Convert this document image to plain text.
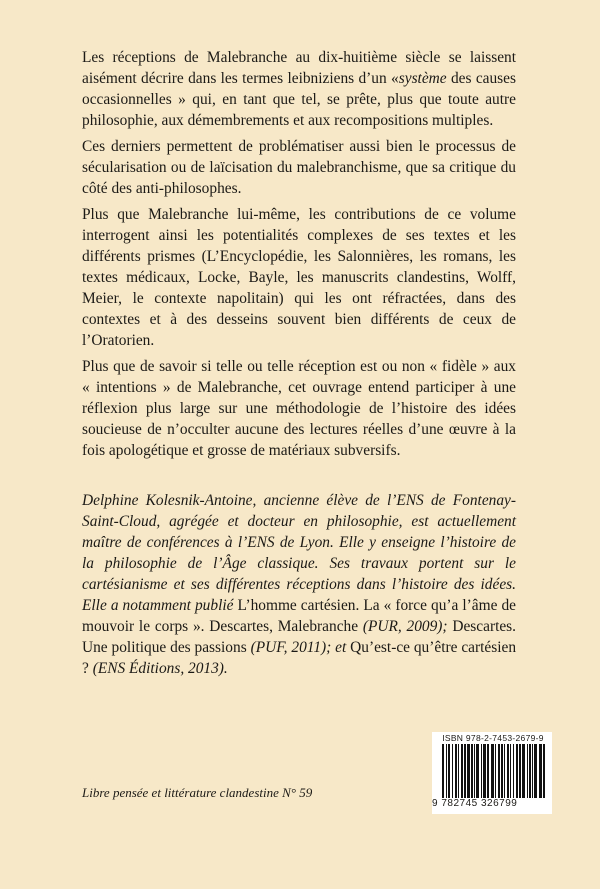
Les réceptions de Malebranche au dix-huitième siècle se laissent aisément décrire dans les termes leibniziens d’un «système des causes occasionnelles » qui, en tant que tel, se prête, plus que toute autre philosophie, aux démembrements et aux recompositions multiples.

Ces derniers permettent de problématiser aussi bien le processus de sécularisation ou de laïcisation du malebranchisme, que sa critique du côté des anti-philosophes.

Plus que Malebranche lui-même, les contributions de ce volume interrogent ainsi les potentialités complexes de ses textes et les différents prismes (L’Encyclopédie, les Salonnières, les romans, les textes médicaux, Locke, Bayle, les manuscrits clandestins, Wolff, Meier, le contexte napolitain) qui les ont réfractées, dans des contextes et à des desseins souvent bien différents de ceux de l’Oratorien.

Plus que de savoir si telle ou telle réception est ou non « fidèle » aux « intentions » de Malebranche, cet ouvrage entend participer à une réflexion plus large sur une méthodologie de l’histoire des idées soucieuse de n’occulter aucune des lectures réelles d’une œuvre à la fois apologétique et grosse de matériaux subversifs.

Delphine Kolesnik-Antoine, ancienne élève de l’ENS de Fontenay-Saint-Cloud, agrégée et docteur en philosophie, est actuellement maître de conférences à l’ENS de Lyon. Elle y enseigne l’histoire de la philosophie de l’Âge classique. Ses travaux portent sur le cartésianisme et ses différentes réceptions dans l’histoire des idées. Elle a notamment publié L’homme cartésien. La « force qu’a l’âme de mouvoir le corps ». Descartes, Malebranche (PUR, 2009); Descartes. Une politique des passions (PUF, 2011); et Qu’est-ce qu’être cartésien ? (ENS Éditions, 2013).

Libre pensée et littérature clandestine N° 59
ISBN 978-2-7453-2679-9
9 782745 326799
